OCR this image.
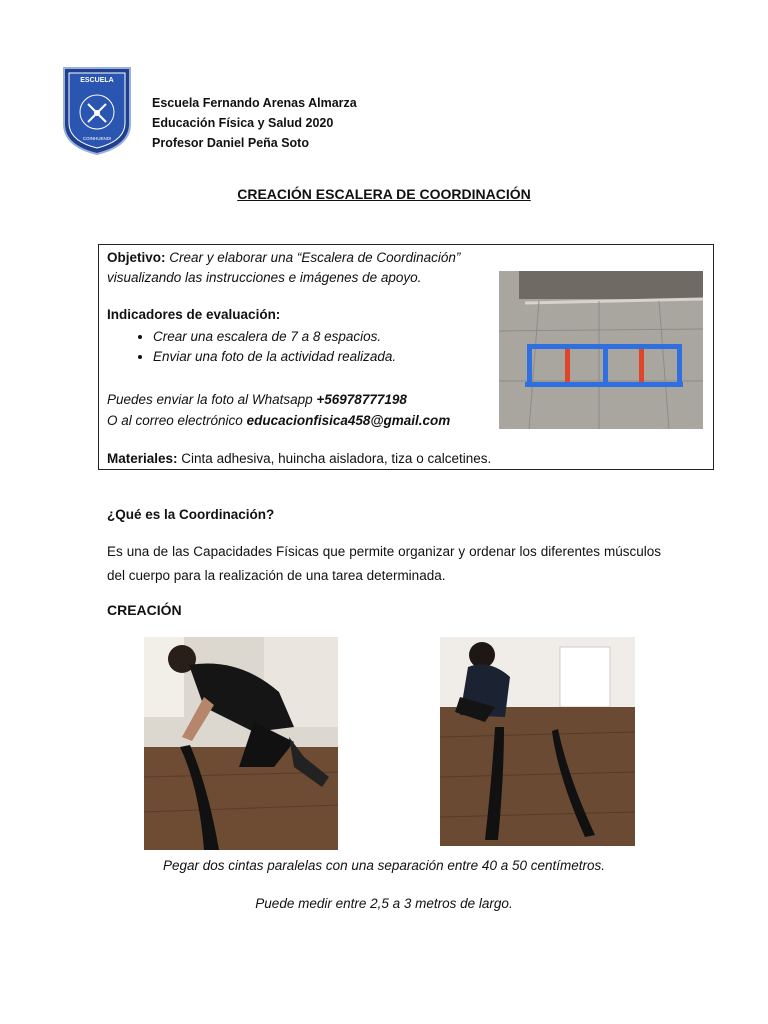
ESCUELA
COINHUENDI
Escuela Fernando Arenas Almarza
Educación Física y Salud 2020
Profesor Daniel Peña Soto
CREACIÓN ESCALERA DE COORDINACIÓN
Objetivo: Crear y elaborar una “Escalera de Coordinación”
visualizando las instrucciones e imágenes de apoyo.
Indicadores de evaluación:
• Crear una escalera de 7 a 8 espacios.
• Enviar una foto de la actividad realizada.
Puedes enviar la foto al Whatsapp +56978777198
O al correo electrónico educacionfisica458@gmail.com
Materiales: Cinta adhesiva, huincha aisladora, tiza o calcetines.
¿Qué es la Coordinación?
Es una de las Capacidades Físicas que permite organizar y ordenar los diferentes músculos del cuerpo para la realización de una tarea determinada.
CREACIÓN
Pegar dos cintas paralelas con una separación entre 40 a 50 centímetros.
Puede medir entre 2,5 a 3 metros de largo.
